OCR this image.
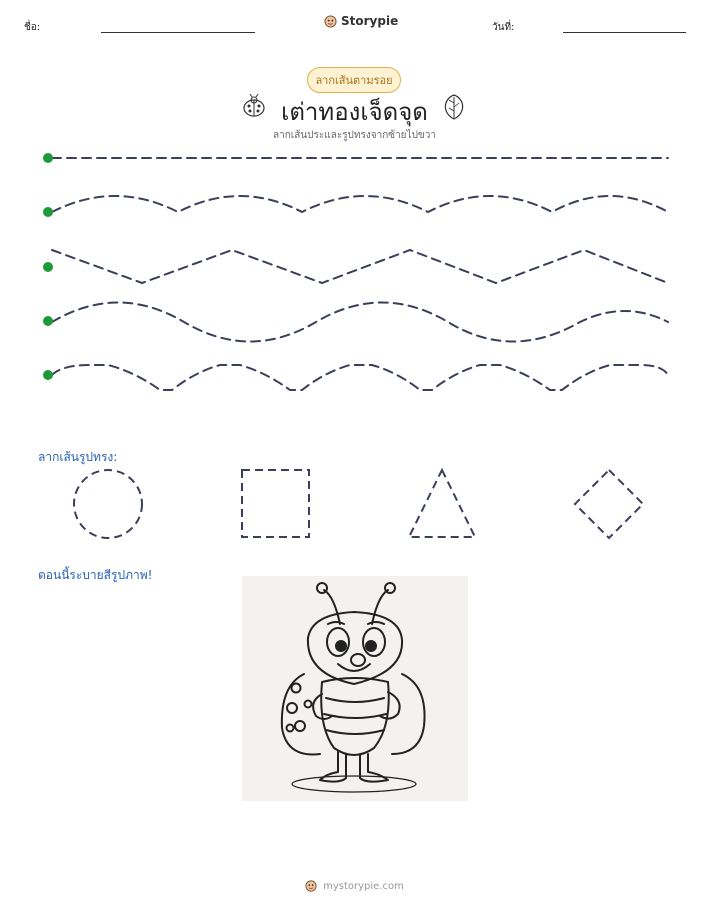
ชื่อ:	Storypie	วันที่:
ลากเส้นตามรอย
เต่าทองเจ็ดจุด
ลากเส้นประและรูปทรงจากซ้ายไปขวา
ลากเส้นรูปทรง:
ตอนนี้ระบายสีรูปภาพ!
mystorypie.com
